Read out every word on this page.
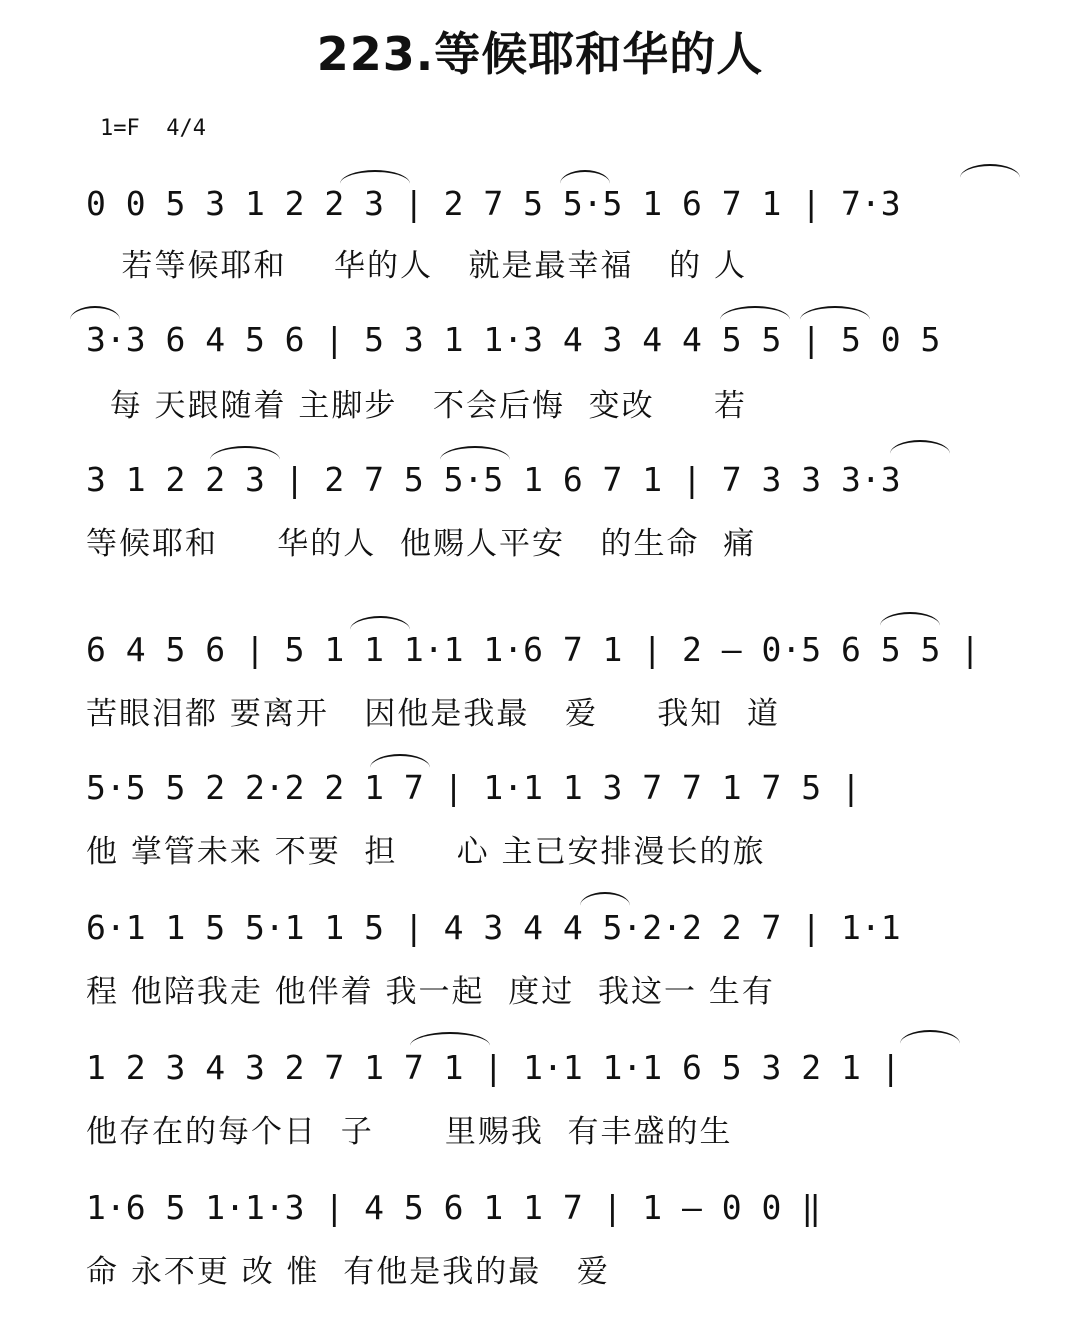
223.等候耶和华的人
1=F  4/4
0 0 5 3 1 2 2 3 | 2 7 5 5·5 1 6 7 1 | 7·3
若等候耶和    华的人   就是最幸福   的 人
3·3 6 4 5 6 | 5 3 1 1·3 4 3 4 4 5 5 | 5 0 5
每 天跟随着 主脚步   不会后悔  变改     若
3 1 2 2 3 | 2 7 5 5·5 1 6 7 1 | 7 3 3 3·3
等候耶和     华的人  他赐人平安   的生命  痛
6 4 5 6 | 5 1 1 1·1 1·6 7 1 | 2 – 0·5 6 5 5 |
苦眼泪都 要离开   因他是我最   爱     我知  道
5·5 5 2 2·2 2 1 7 | 1·1 1 3 7 7 1 7 5 |
他 掌管未来 不要  担     心 主已安排漫长的旅
6·1 1 5 5·1 1 5 | 4 3 4 4 5·2·2 2 7 | 1·1
程 他陪我走 他伴着 我一起  度过  我这一 生有
1 2 3 4 3 2 7 1 7 1 | 1·1 1·1 6 5 3 2 1 |
他存在的每个日  子      里赐我  有丰盛的生
1·6 5 1·1·3 | 4 5 6 1 1 7 | 1 – 0 0 ‖
命 永不更 改 惟  有他是我的最   爱
